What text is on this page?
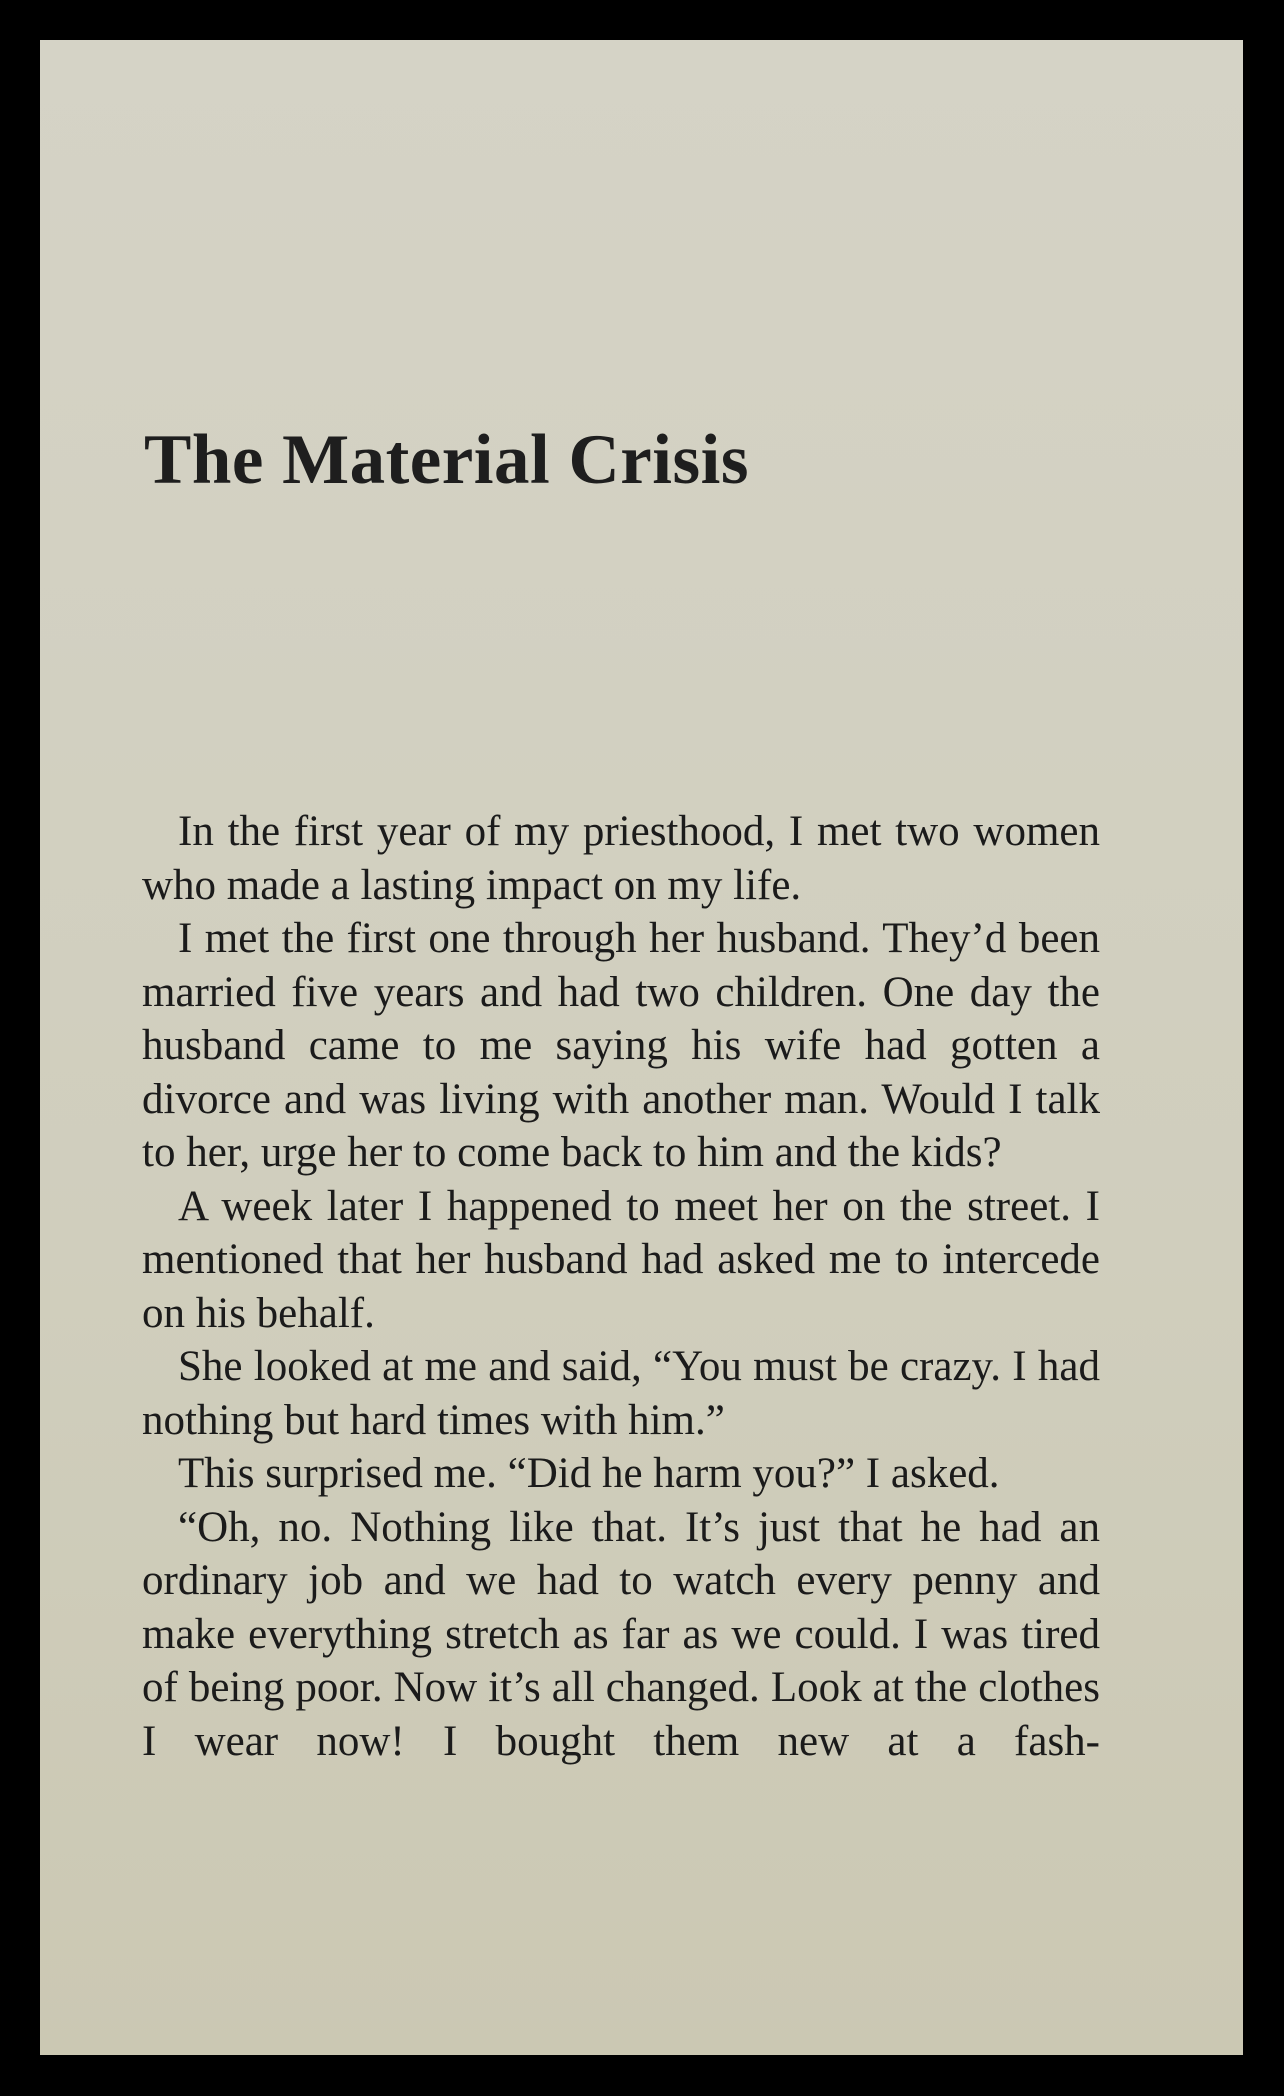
The Material Crisis

In the first year of my priesthood, I met two women who made a lasting impact on my life.

I met the first one through her husband. They’d been married five years and had two children. One day the husband came to me saying his wife had gotten a divorce and was living with another man. Would I talk to her, urge her to come back to him and the kids?

A week later I happened to meet her on the street. I mentioned that her husband had asked me to intercede on his behalf.

She looked at me and said, “You must be crazy. I had nothing but hard times with him.”

This surprised me. “Did he harm you?” I asked.

“Oh, no. Nothing like that. It’s just that he had an ordinary job and we had to watch every penny and make everything stretch as far as we could. I was tired of being poor. Now it’s all changed. Look at the clothes I wear now! I bought them new at a fash-
